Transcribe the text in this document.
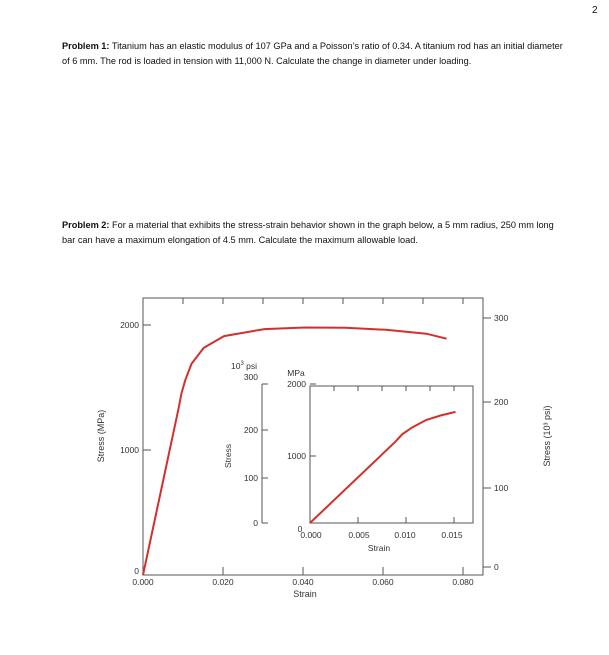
2
Problem 1: Titanium has an elastic modulus of 107 GPa and a Poisson’s ratio of 0.34. A titanium rod has an initial diameter of 6 mm. The rod is loaded in tension with 11,000 N. Calculate the change in diameter under loading.
Problem 2: For a material that exhibits the stress-strain behavior shown in the graph below, a 5 mm radius, 250 mm long bar can have a maximum elongation of 4.5 mm. Calculate the maximum allowable load.
Stress (MPa)	Stress (10³ psi)
Strain
0.000	0.020	0.040	0.060	0.080
0
1000
2000
0
100
200
300
0.000	0.005	0.010	0.015
Strain
MPa
2000
1000
0
$10^3$ psi
300
200
100
0
Stress
